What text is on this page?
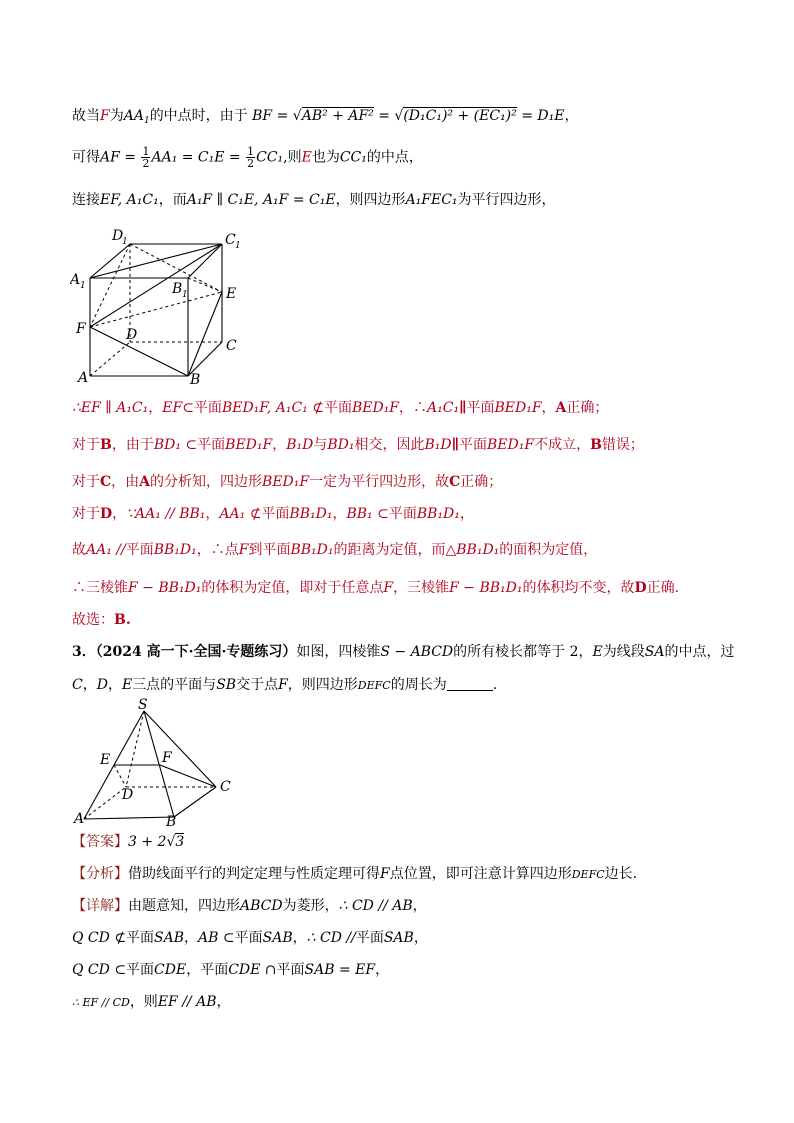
故当F为$AA_1$的中点时，由于 BF = √AB² + AF² = √(D₁C₁)² + (EC₁)² = D₁E，
可得AF = $\frac{1}{2} AA_1 = C_1E = \frac{1}{2} CC_1$,则E也为CC₁的中点，
连接EF, A₁C₁，而A₁F ∥ C₁E, A₁F = C₁E，则四边形A₁FEC₁为平行四边形，
D
1	C 1
A 1	B 1	E
F	D
C
A	B
∴EF ∥ A₁C₁，EF⊂平面BED₁F, A₁C₁ ⊄平面BED₁F，∴A₁C₁∥平面BED₁F，A正确；
对于B，由于BD₁ ⊂平面BED₁F，B₁D与BD₁相交，因此B₁D∥平面BED₁F不成立，B错误；
对于C，由A的分析知，四边形BED₁F一定为平行四边形，故C正确；
对于D，∵AA₁ // BB₁，AA₁ ⊄平面BB₁D₁，BB₁ ⊂平面BB₁D₁，
故AA₁ //平面BB₁D₁，∴点F到平面BB₁D₁的距离为定值，而△BB₁D₁的面积为定值，
∴三棱锥F − BB₁D₁的体积为定值，即对于任意点F，三棱锥F − BB₁D₁的体积均不变，故D正确.
故选：B.
3．（2024 高一下·全国·专题练习）如图，四棱锥S − ABCD的所有棱长都等于 2，E为线段SA的中点，过
C，D，E三点的平面与SB交于点F，则四边形DEFC的周长为	.
S
E	F
D	C
A	B
【答案】3 + 2√3
【分析】借助线面平行的判定定理与性质定理可得F点位置，即可注意计算四边形DEFC边长.
【详解】由题意知，四边形ABCD为菱形，∴ CD // AB，
Q CD ⊄平面SAB，AB ⊂平面SAB，∴ CD //平面SAB，
Q CD ⊂平面CDE，平面CDE ∩平面SAB = EF，
∴ EF // CD，则EF // AB，
